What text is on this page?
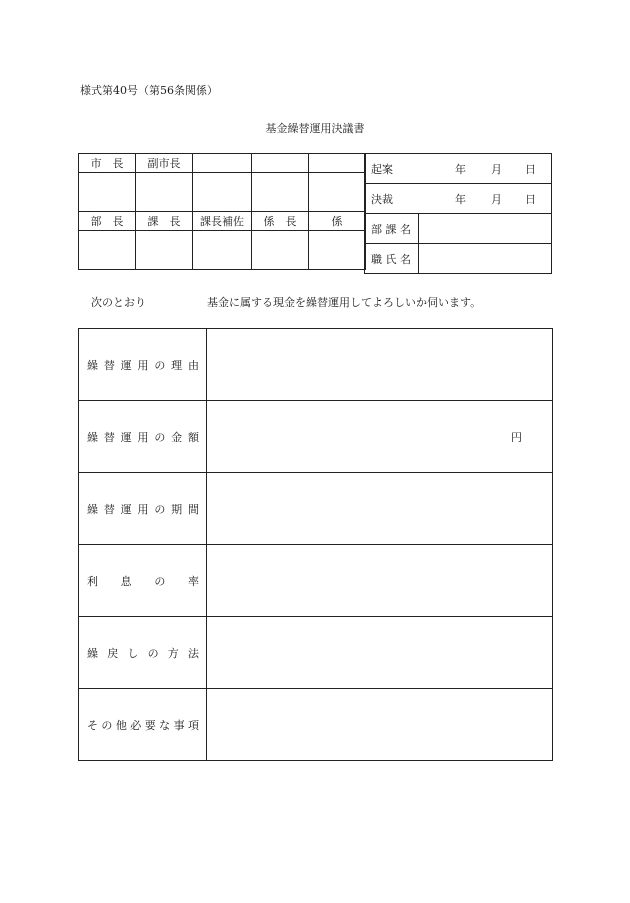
様式第40号（第56条関係）
基金繰替運用決議書
市　長	副市長			

部　長	課　長	課長補佐	係　長	係

起案 年 月 日	

決裁 年 月 日	

部 課 名	
職 氏 名	
次のとおり	基金に属する現金を繰替運用してよろしいか伺います。
繰替運用の理由	
繰替運用の金額	円

繰替運用の期間	
利息の率	
繰戻しの方法	
その他必要な事項	
